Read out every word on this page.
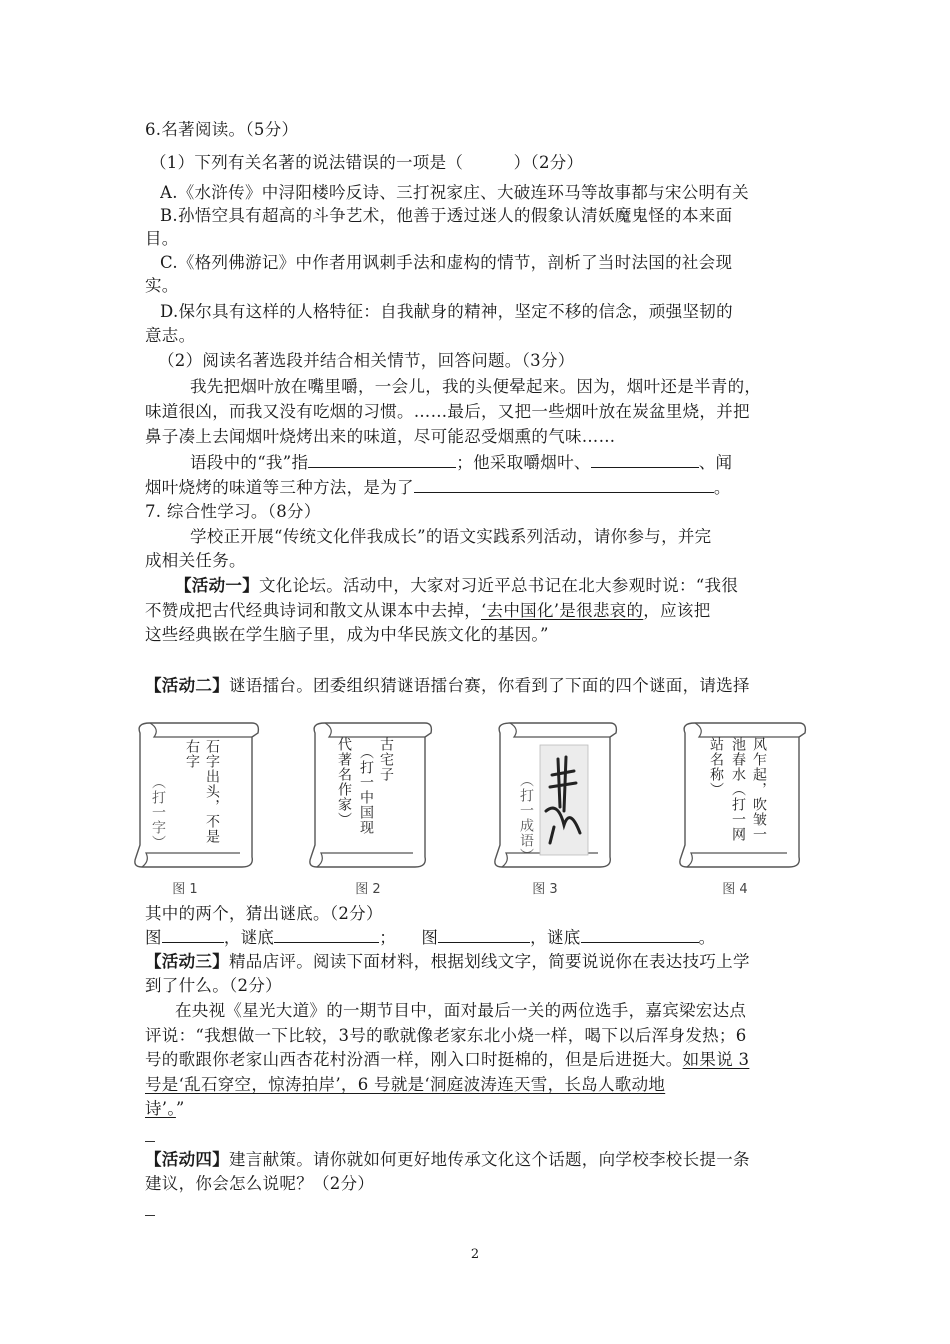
6.名著阅读。（5分）
（1）下列有关名著的说法错误的一项是（　　　）（2分）
A.《水浒传》中浔阳楼吟反诗、三打祝家庄、大破连环马等故事都与宋公明有关
B.孙悟空具有超高的斗争艺术，他善于透过迷人的假象认清妖魔鬼怪的本来面
目。
C.《格列佛游记》中作者用讽刺手法和虚构的情节，剖析了当时法国的社会现
实。
D.保尔具有这样的人格特征：自我献身的精神，坚定不移的信念，顽强坚韧的
意志。
（2）阅读名著选段并结合相关情节，回答问题。（3分）
我先把烟叶放在嘴里嚼，一会儿，我的头便晕起来。因为，烟叶还是半青的，
味道很凶，而我又没有吃烟的习惯。……最后，又把一些烟叶放在炭盆里烧，并把
鼻子凑上去闻烟叶烧烤出来的味道，尽可能忍受烟熏的气味……
语段中的“我”指	；他采取嚼烟叶、	、闻
烟叶烧烤的味道等三种方法，是为了	。
7. 综合性学习。（8分）
学校正开展“传统文化伴我成长”的语文实践系列活动，请你参与，并完
成相关任务。
【活动一】文化论坛。活动中，大家对习近平总书记在北大参观时说：“我很
不赞成把古代经典诗词和散文从课本中去掉，‘去中国化’是很悲哀的，应该把
这些经典嵌在学生脑子里，成为中华民族文化的基因。”
【活动二】谜语擂台。团委组织猜谜语擂台赛，你看到了下面的四个谜面，请选择
石字出头，不是
右字
（打一字）
古宅子
（打一中国现
代著名作家）	（打一成语）	风乍起，吹皱一
池春水（打一网
站名称）
图 1	图 2	图 3	图 4
其中的两个，猜出谜底。（2分）
图	，谜底	；　　图	，谜底	。
【活动三】精品店评。阅读下面材料，根据划线文字，简要说说你在表达技巧上学
到了什么。（2分）
在央视《星光大道》的一期节目中，面对最后一关的两位选手，嘉宾梁宏达点
评说：“我想做一下比较，3号的歌就像老家东北小烧一样，喝下以后浑身发热；6
号的歌跟你老家山西杏花村汾酒一样，刚入口时挺棉的，但是后进挺大。如果说 3
号是‘乱石穿空，惊涛拍岸’，6 号就是‘洞庭波涛连天雪，长岛人歌动地
诗’。”
【活动四】建言献策。请你就如何更好地传承文化这个话题，向学校李校长提一条
建议，你会怎么说呢？（2分）
2
